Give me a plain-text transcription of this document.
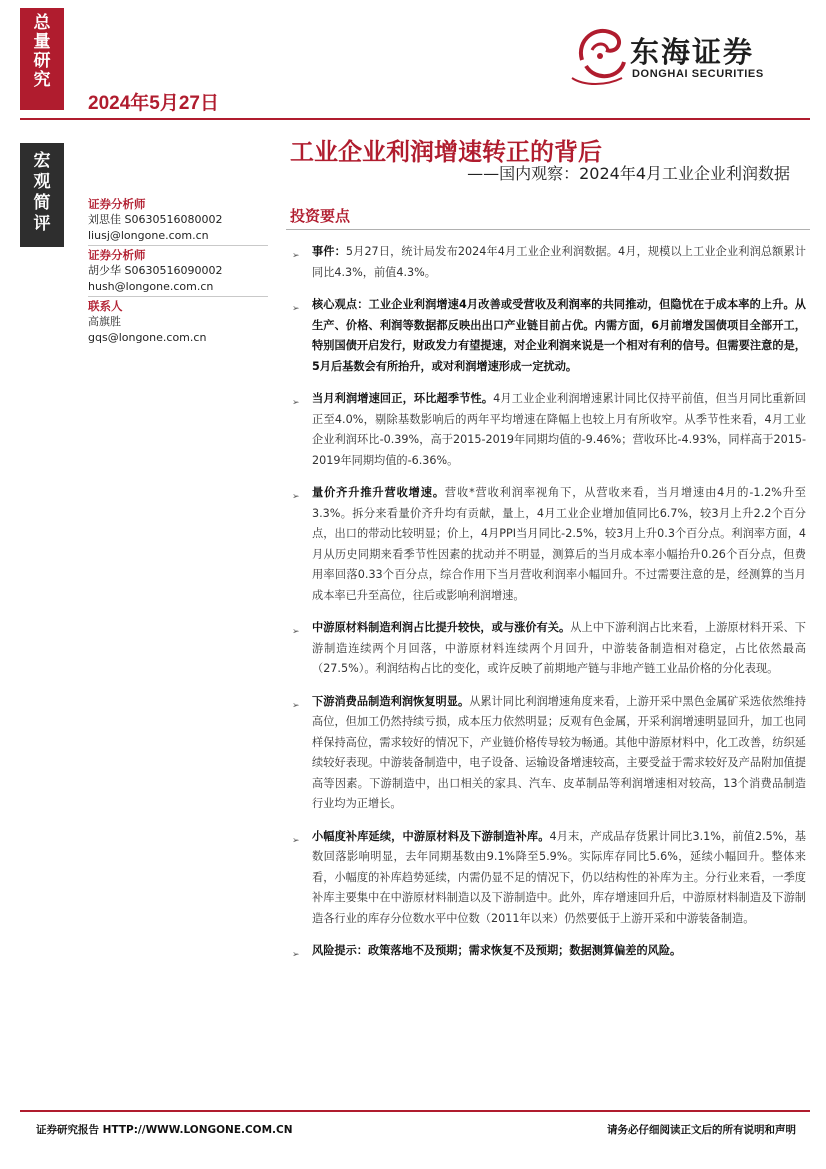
总
量
研
究
2024年5月27日
东海证券
DONGHAI SECURITIES
宏
观
简
评
工业企业利润增速转正的背后
——国内观察：2024年4月工业企业利润数据
证券分析师
刘思佳 S0630516080002
liusj@longone.com.cn
证券分析师
胡少华 S0630516090002
hush@longone.com.cn
联系人
高旗胜
gqs@longone.com.cn
投资要点
➢ 事件：5月27日，统计局发布2024年4月工业企业利润数据。4月，规模以上工业企业利润总额累计同比4.3%，前值4.3%。
➢ 核心观点：工业企业利润增速4月改善或受营收及利润率的共同推动，但隐忧在于成本率的上升。从生产、价格、利润等数据都反映出出口产业链目前占优。内需方面，6月前增发国债项目全部开工，特别国债开启发行，财政发力有望提速，对企业利润来说是一个相对有利的信号。但需要注意的是，5月后基数会有所抬升，或对利润增速形成一定扰动。
➢ 当月利润增速回正，环比超季节性。4月工业企业利润增速累计同比仅持平前值，但当月同比重新回正至4.0%，剔除基数影响后的两年平均增速在降幅上也较上月有所收窄。从季节性来看，4月工业企业利润环比-0.39%，高于2015-2019年同期均值的-9.46%；营收环比-4.93%，同样高于2015-2019年同期均值的-6.36%。
➢ 量价齐升推升营收增速。营收*营收利润率视角下，从营收来看，当月增速由4月的-1.2%升至3.3%。拆分来看量价齐升均有贡献，量上，4月工业企业增加值同比6.7%，较3月上升2.2个百分点，出口的带动比较明显；价上，4月PPI当月同比-2.5%，较3月上升0.3个百分点。利润率方面，4月从历史同期来看季节性因素的扰动并不明显，测算后的当月成本率小幅抬升0.26个百分点，但费用率回落0.33个百分点，综合作用下当月营收利润率小幅回升。不过需要注意的是，经测算的当月成本率已升至高位，往后或影响利润增速。
➢ 中游原材料制造利润占比提升较快，或与涨价有关。从上中下游利润占比来看，上游原材料开采、下游制造连续两个月回落，中游原材料连续两个月回升，中游装备制造相对稳定，占比依然最高（27.5%）。利润结构占比的变化，或许反映了前期地产链与非地产链工业品价格的分化表现。
➢ 下游消费品制造利润恢复明显。从累计同比利润增速角度来看，上游开采中黑色金属矿采选依然维持高位，但加工仍然持续亏损，成本压力依然明显；反观有色金属，开采利润增速明显回升，加工也同样保持高位，需求较好的情况下，产业链价格传导较为畅通。其他中游原材料中，化工改善，纺织延续较好表现。中游装备制造中，电子设备、运输设备增速较高，主要受益于需求较好及产品附加值提高等因素。下游制造中，出口相关的家具、汽车、皮革制品等利润增速相对较高，13个消费品制造行业均为正增长。
➢ 小幅度补库延续，中游原材料及下游制造补库。4月末，产成品存货累计同比3.1%，前值2.5%，基数回落影响明显，去年同期基数由9.1%降至5.9%。实际库存同比5.6%，延续小幅回升。整体来看，小幅度的补库趋势延续，内需仍显不足的情况下，仍以结构性的补库为主。分行业来看，一季度补库主要集中在中游原材料制造以及下游制造中。此外，库存增速回升后，中游原材料制造及下游制造各行业的库存分位数水平中位数（2011年以来）仍然要低于上游开采和中游装备制造。
➢ 风险提示：政策落地不及预期；需求恢复不及预期；数据测算偏差的风险。
证券研究报告 HTTP://WWW.LONGONE.COM.CN	请务必仔细阅读正文后的所有说明和声明
